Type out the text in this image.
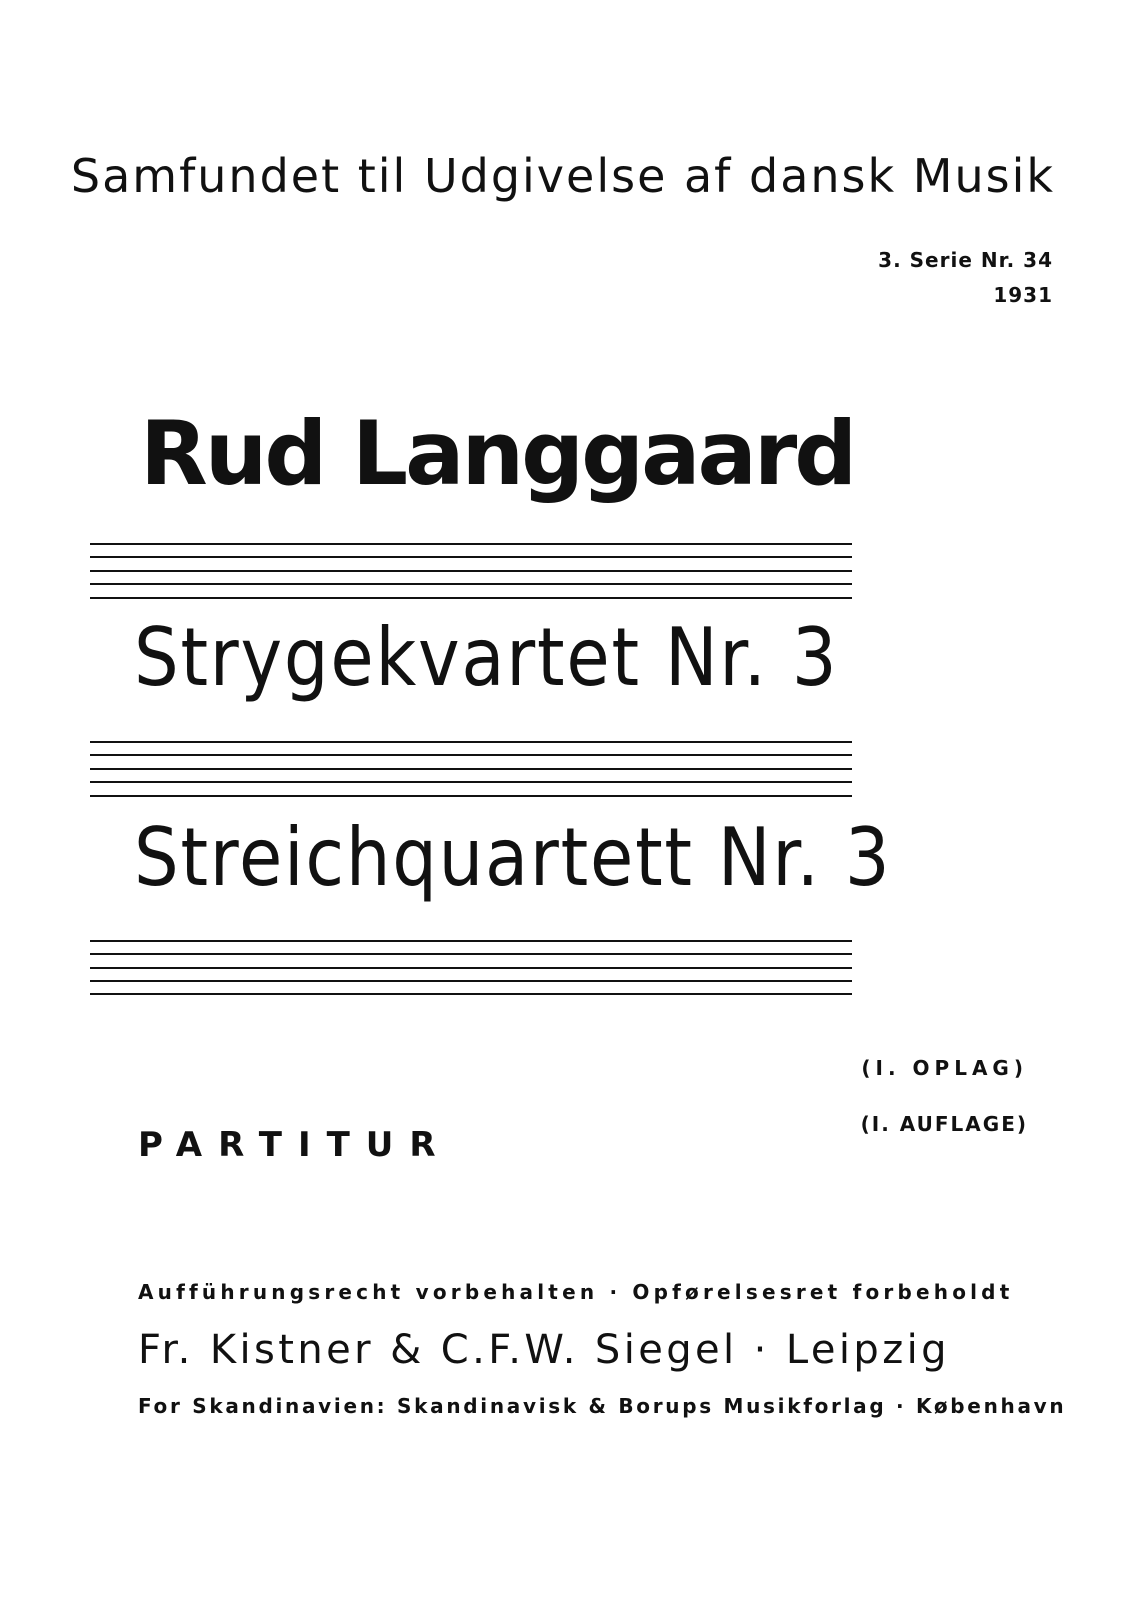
Samfundet til Udgivelse af dansk Musik

3. Serie Nr. 34

1931

Rud Langgaard
Strygekvartet Nr. 3
Streichquartett Nr. 3

(I. OPLAG)

(I. AUFLAGE)

PARTITUR

Aufführungsrecht vorbehalten · Opførelsesret forbeholdt

Fr. Kistner & C.F.W. Siegel · Leipzig

For Skandinavien: Skandinavisk & Borups Musikforlag · København
